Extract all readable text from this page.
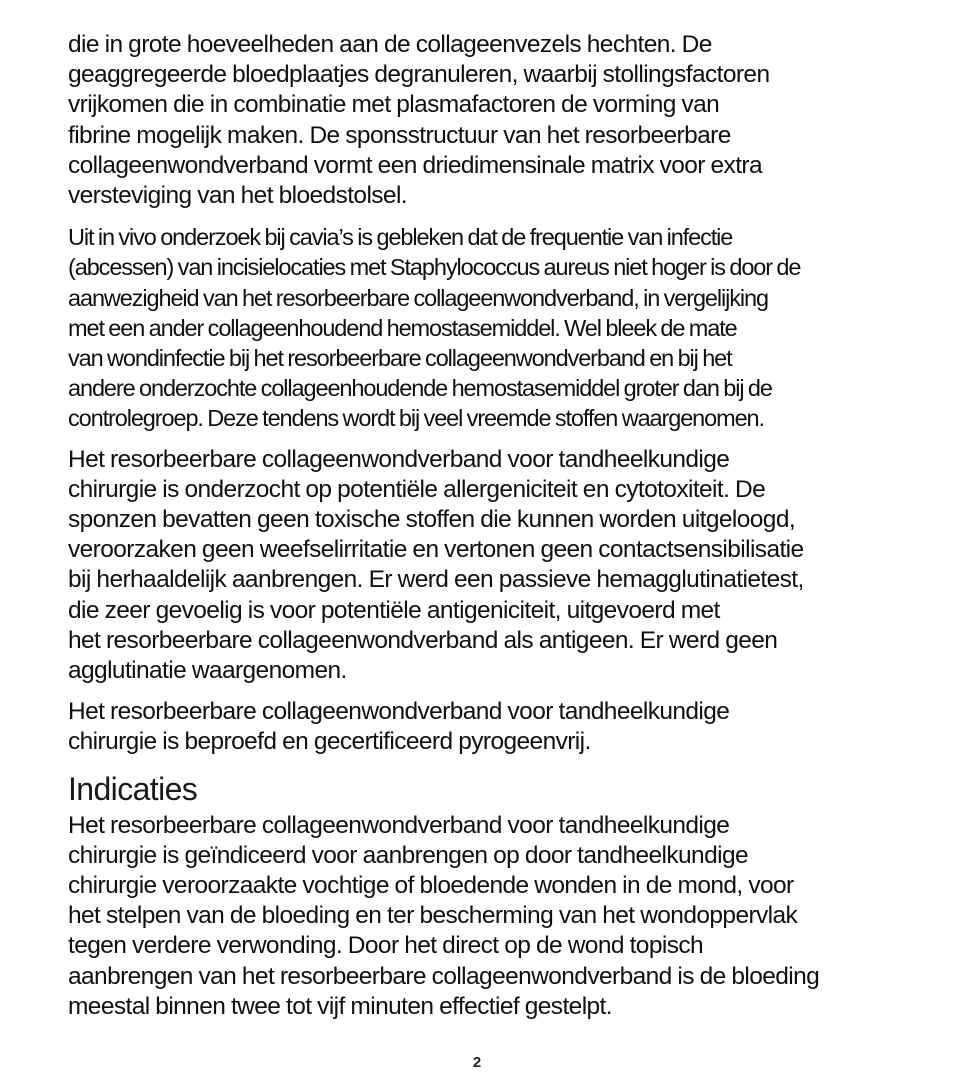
die in grote hoeveelheden aan de collageenvezels hechten. De
geaggregeerde bloedplaatjes degranuleren, waarbij stollingsfactoren
vrijkomen die in combinatie met plasmafactoren de vorming van
fibrine mogelijk maken. De sponsstructuur van het resorbeerbare
collageenwondverband vormt een driedimensinale matrix voor extra
versteviging van het bloedstolsel.

Uit in vivo onderzoek bij cavia’s is gebleken dat de frequentie van infectie
(abcessen) van incisielocaties met Staphylococcus aureus niet hoger is door de
aanwezigheid van het resorbeerbare collageenwondverband, in vergelijking
met een ander collageenhoudend hemostasemiddel. Wel bleek de mate
van wondinfectie bij het resorbeerbare collageenwondverband en bij het
andere onderzochte collageenhoudende hemostasemiddel groter dan bij de
controlegroep. Deze tendens wordt bij veel vreemde stoffen waargenomen.

Het resorbeerbare collageenwondverband voor tandheelkundige
chirurgie is onderzocht op potentiële allergeniciteit en cytotoxiteit. De
sponzen bevatten geen toxische stoffen die kunnen worden uitgeloogd,
veroorzaken geen weefselirritatie en vertonen geen contactsensibilisatie
bij herhaaldelijk aanbrengen. Er werd een passieve hemagglutinatietest,
die zeer gevoelig is voor potentiële antigeniciteit, uitgevoerd met
het resorbeerbare collageenwondverband als antigeen. Er werd geen
agglutinatie waargenomen.

Het resorbeerbare collageenwondverband voor tandheelkundige
chirurgie is beproefd en gecertificeerd pyrogeenvrij.

Indicaties

Het resorbeerbare collageenwondverband voor tandheelkundige
chirurgie is geïndiceerd voor aanbrengen op door tandheelkundige
chirurgie veroorzaakte vochtige of bloedende wonden in de mond, voor
het stelpen van de bloeding en ter bescherming van het wondoppervlak
tegen verdere verwonding. Door het direct op de wond topisch
aanbrengen van het resorbeerbare collageenwondverband is de bloeding
meestal binnen twee tot vijf minuten effectief gestelpt.

2
